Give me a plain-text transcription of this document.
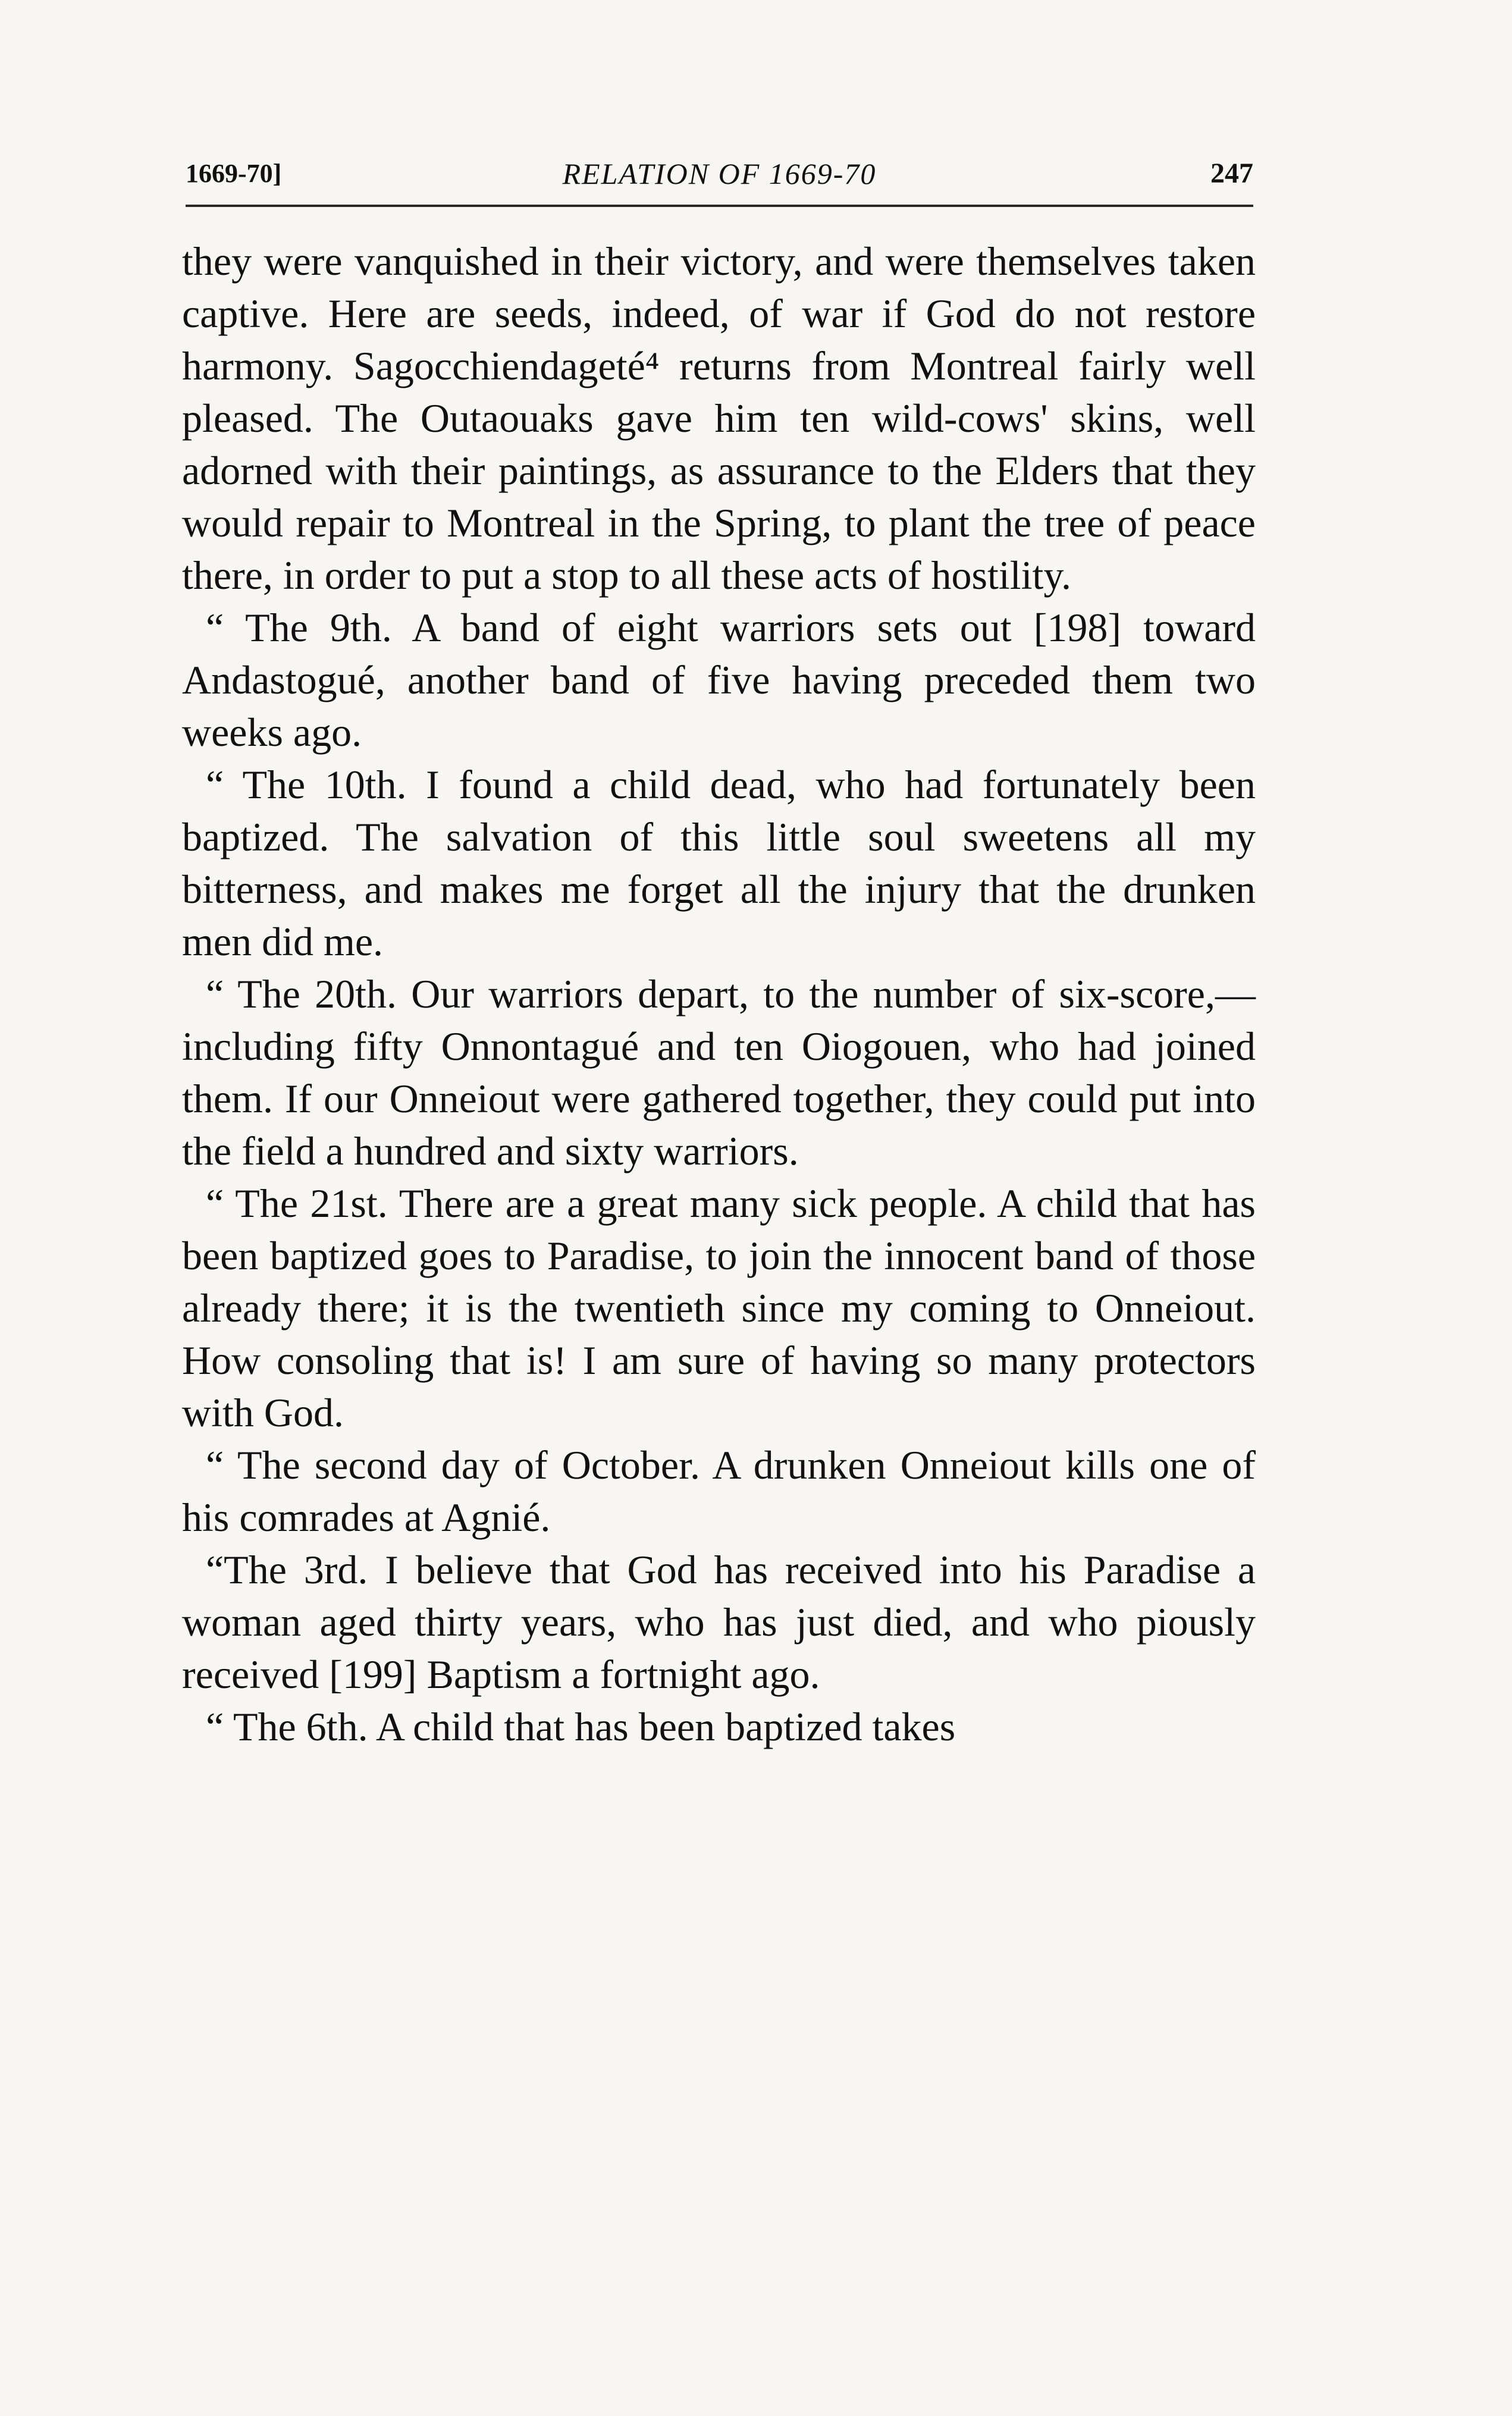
1669-70]	RELATION OF 1669-70	247

they were vanquished in their victory, and were themselves taken captive. Here are seeds, indeed, of war if God do not restore harmony. Sagocchiendageté⁴ returns from Montreal fairly well pleased. The Outaouaks gave him ten wild-cows' skins, well adorned with their paintings, as assurance to the Elders that they would repair to Montreal in the Spring, to plant the tree of peace there, in order to put a stop to all these acts of hostility.

“ The 9th. A band of eight warriors sets out [198] toward Andastogué, another band of five having preceded them two weeks ago.

“ The 10th. I found a child dead, who had fortunately been baptized. The salvation of this little soul sweetens all my bitterness, and makes me forget all the injury that the drunken men did me.

“ The 20th. Our warriors depart, to the number of six-score,—including fifty Onnontagué and ten Oiogouen, who had joined them. If our Onneiout were gathered together, they could put into the field a hundred and sixty warriors.

“ The 21st. There are a great many sick people. A child that has been baptized goes to Paradise, to join the innocent band of those already there; it is the twentieth since my coming to Onneiout. How consoling that is! I am sure of having so many protectors with God.

“ The second day of October. A drunken Onneiout kills one of his comrades at Agnié.

“The 3rd. I believe that God has received into his Paradise a woman aged thirty years, who has just died, and who piously received [199] Baptism a fortnight ago.

“ The 6th. A child that has been baptized takes
